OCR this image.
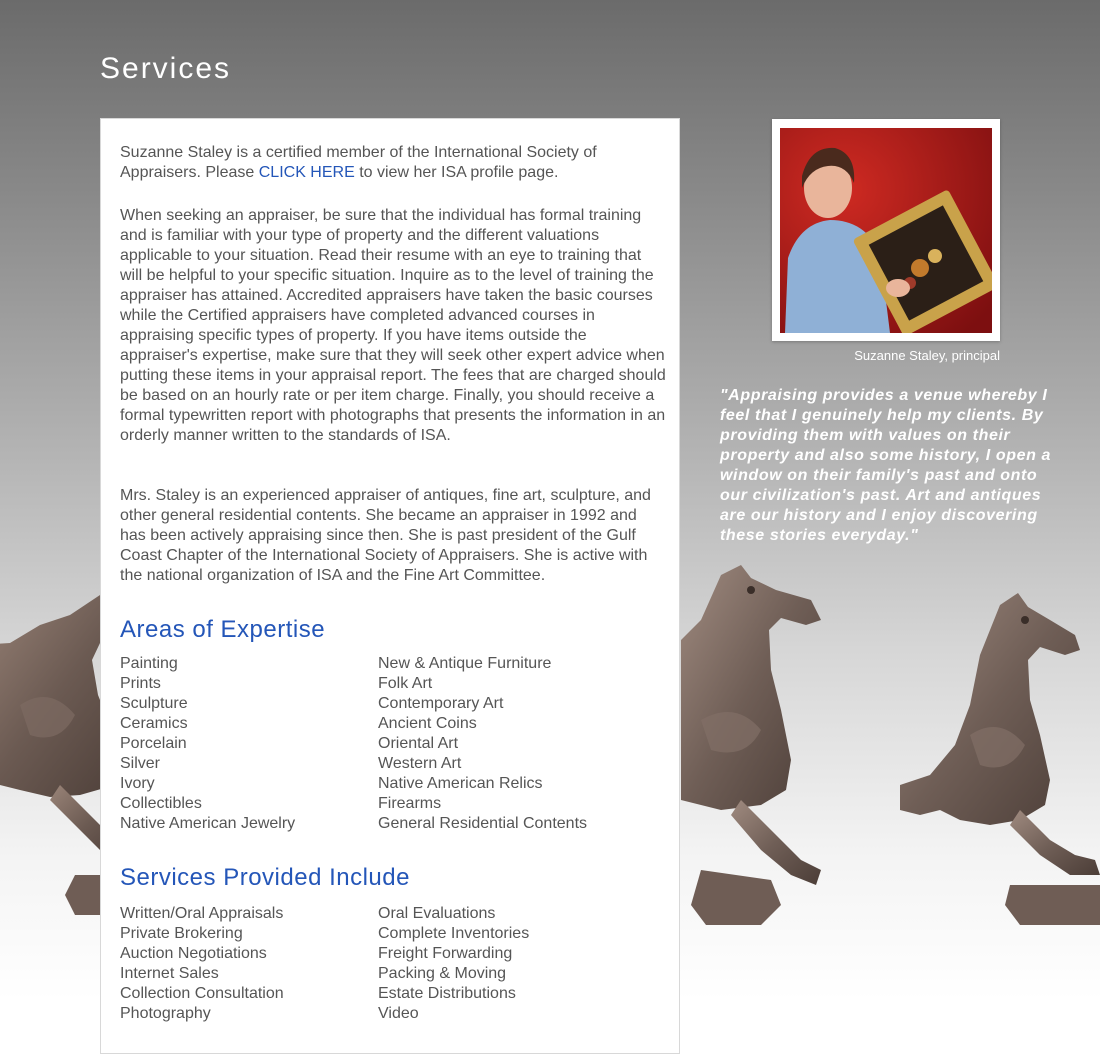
Services

Suzanne Staley is a certified member of the International Society of Appraisers. Please CLICK HERE to view her ISA profile page.

When seeking an appraiser, be sure that the individual has formal training and is familiar with your type of property and the different valuations applicable to your situation. Read their resume with an eye to training that will be helpful to your specific situation. Inquire as to the level of training the appraiser has attained. Accredited appraisers have taken the basic courses while the Certified appraisers have completed advanced courses in appraising specific types of property. If you have items outside the appraiser's expertise, make sure that they will seek other expert advice when putting these items in your appraisal report. The fees that are charged should be based on an hourly rate or per item charge. Finally, you should receive a formal typewritten report with photographs that presents the information in an orderly manner written to the standards of ISA.

Mrs. Staley is an experienced appraiser of antiques, fine art, sculpture, and other general residential contents. She became an appraiser in 1992 and has been actively appraising since then. She is past president of the Gulf Coast Chapter of the International Society of Appraisers. She is active with the national organization of ISA and the Fine Art Committee.

Areas of Expertise
Painting
Prints
Sculpture
Ceramics
Porcelain
Silver
Ivory
Collectibles
Native American Jewelry
New & Antique Furniture
Folk Art
Contemporary Art
Ancient Coins
Oriental Art
Western Art
Native American Relics
Firearms
General Residential Contents
Services Provided Include
Written/Oral Appraisals
Private Brokering
Auction Negotiations
Internet Sales
Collection Consultation
Photography
Oral Evaluations
Complete Inventories
Freight Forwarding
Packing & Moving
Estate Distributions
Video
Suzanne Staley, principal

"Appraising provides a venue whereby I feel that I genuinely help my clients. By providing them with values on their property and also some history, I open a window on their family's past and onto our civilization's past. Art and antiques are our history and I enjoy discovering these stories everyday."
